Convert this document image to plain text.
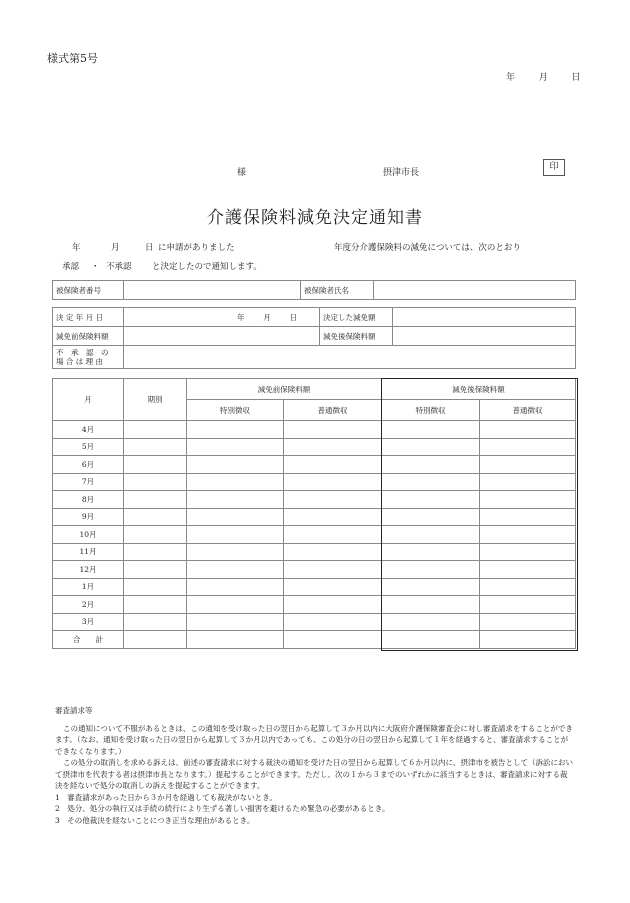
様式第5号
年	月	日
様	摂津市長
印
介護保険料減免決定通知書
年	月	日 に申請がありました	年度分介護保険料の減免については、次のとおり
承認 ・ 不承認 と決定したので通知します。
被保険者番号		被保険者氏名	
決 定 年 月 日	年 月 日	決定した減免額	
減免前保険料額		減免後保険料額	

不　承　認　の
場 合 は 理 由			

月	期別	減免前保険料額		減免後保険料額	
		特別徴収	普通徴収	特別徴収	普通徴収
4月					
5月					
6月					
7月					
8月					
9月					
10月					
11月					
12月					
1月					
2月					
3月					
合　　計					

審査請求等

この通知について不服があるときは、この通知を受け取った日の翌日から起算して３か月以内に大阪府介護保険審査会に対し審査請求をすることができます。（なお、通知を受け取った日の翌日から起算して３か月以内であっても、この処分の日の翌日から起算して１年を経過すると、審査請求することができなくなります。）

この処分の取消しを求める訴えは、前述の審査請求に対する裁決の通知を受けた日の翌日から起算して６か月以内に、摂津市を被告として（訴訟において摂津市を代表する者は摂津市長となります。）提起することができます。ただし、次の１から３までのいずれかに該当するときは、審査請求に対する裁決を経ないで処分の取消しの訴えを提起することができます。

1　審査請求があった日から３か月を経過しても裁決がないとき。

2　処分、処分の執行又は手続の続行により生ずる著しい損害を避けるため緊急の必要があるとき。

3　その他裁決を経ないことにつき正当な理由があるとき。
